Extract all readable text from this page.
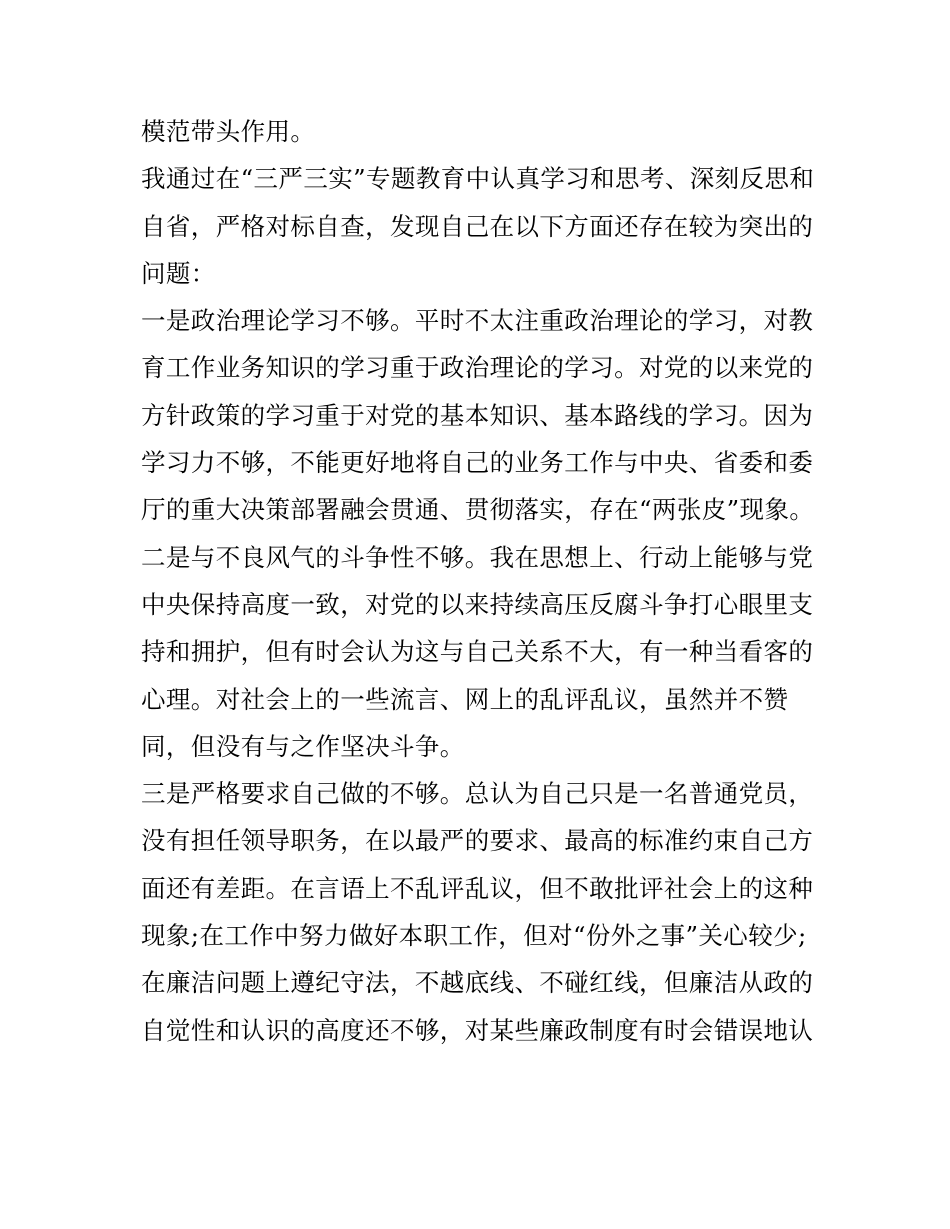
模范带头作用。
我通过在“三严三实”专题教育中认真学习和思考、深刻反思和
自省，严格对标自查，发现自己在以下方面还存在较为突出的
问题：
一是政治理论学习不够。平时不太注重政治理论的学习，对教
育工作业务知识的学习重于政治理论的学习。对党的以来党的
方针政策的学习重于对党的基本知识、基本路线的学习。因为
学习力不够，不能更好地将自己的业务工作与中央、省委和委
厅的重大决策部署融会贯通、贯彻落实，存在“两张皮”现象。
二是与不良风气的斗争性不够。我在思想上、行动上能够与党
中央保持高度一致，对党的以来持续高压反腐斗争打心眼里支
持和拥护，但有时会认为这与自己关系不大，有一种当看客的
心理。对社会上的一些流言、网上的乱评乱议，虽然并不赞
同，但没有与之作坚决斗争。
三是严格要求自己做的不够。总认为自己只是一名普通党员，
没有担任领导职务，在以最严的要求、最高的标准约束自己方
面还有差距。在言语上不乱评乱议，但不敢批评社会上的这种
现象;在工作中努力做好本职工作，但对“份外之事”关心较少;
在廉洁问题上遵纪守法，不越底线、不碰红线，但廉洁从政的
自觉性和认识的高度还不够，对某些廉政制度有时会错误地认
